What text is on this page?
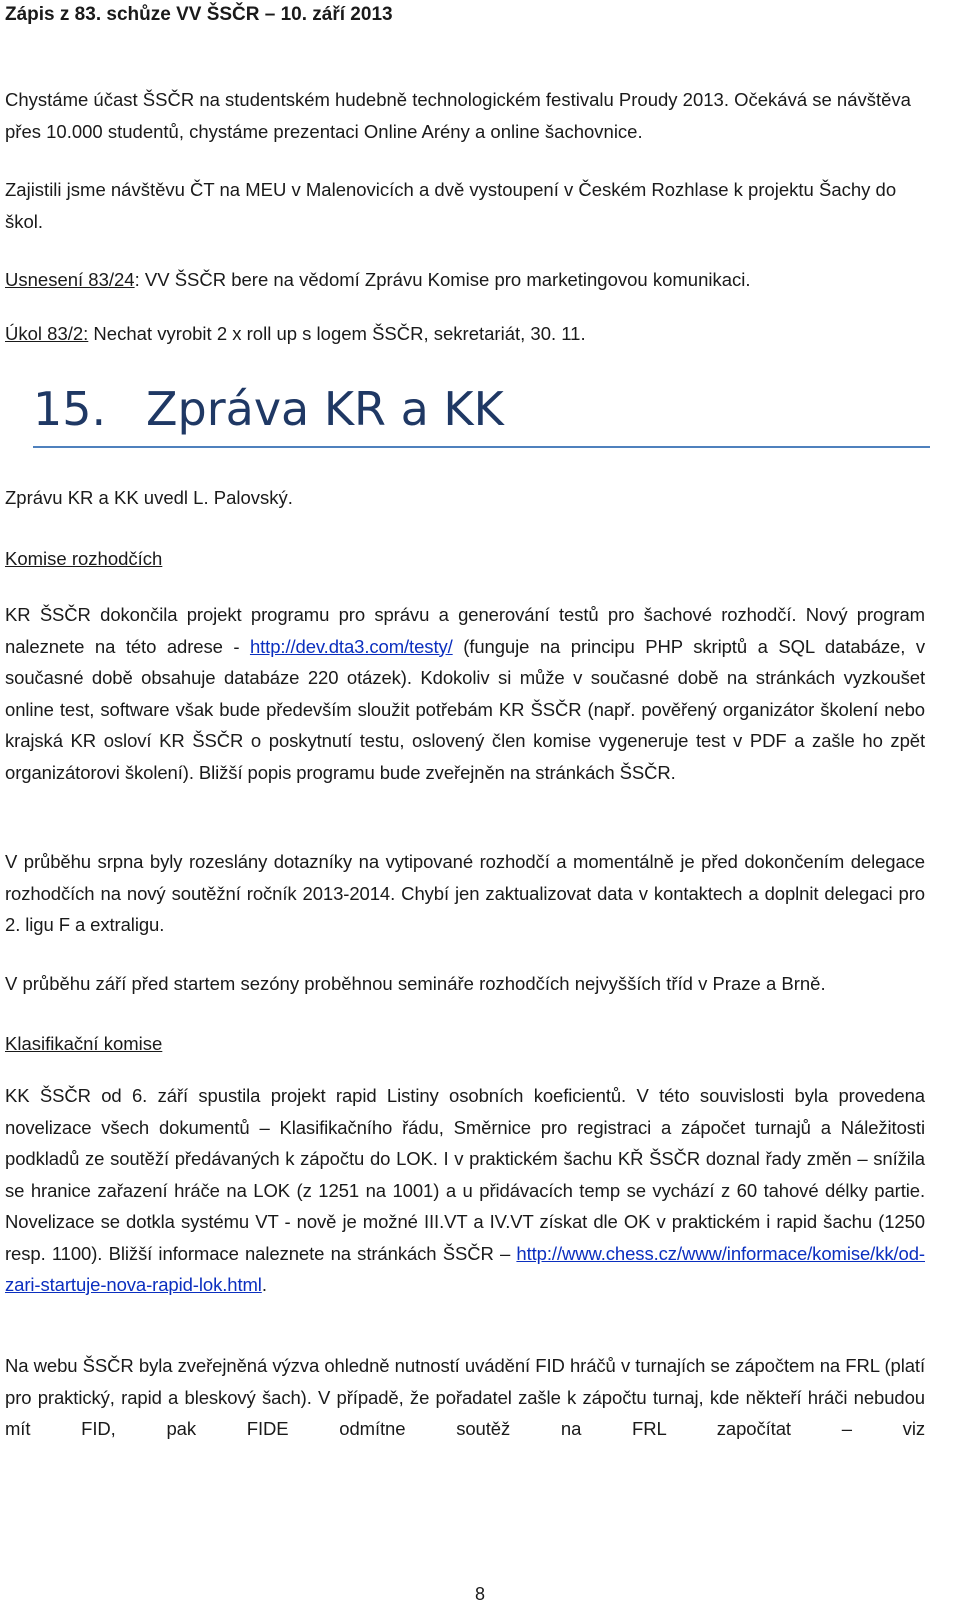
Zápis z 83. schůze VV ŠSČR – 10. září 2013

Chystáme účast ŠSČR na studentském hudebně technologickém festivalu Proudy 2013. Očekává se návštěva přes 10.000 studentů, chystáme prezentaci Online Arény a online šachovnice.

Zajistili jsme návštěvu ČT na MEU v Malenovicích a dvě vystoupení v Českém Rozhlase k projektu Šachy do škol.

Usnesení 83/24: VV ŠSČR bere na vědomí Zprávu Komise pro marketingovou komunikaci.

Úkol 83/2: Nechat vyrobit 2 x roll up s logem ŠSČR, sekretariát, 30. 11.

15. Zpráva KR a KK

Zprávu KR a KK uvedl L. Palovský.

Komise rozhodčích

KR ŠSČR dokončila projekt programu pro správu a generování testů pro šachové rozhodčí. Nový program naleznete na této adrese - http://dev.dta3.com/testy/ (funguje na principu PHP skriptů a SQL databáze, v současné době obsahuje databáze 220 otázek). Kdokoliv si může v současné době na stránkách vyzkoušet online test, software však bude především sloužit potřebám KR ŠSČR (např. pověřený organizátor školení nebo krajská KR osloví KR ŠSČR o poskytnutí testu, oslovený člen komise vygeneruje test v PDF a zašle ho zpět organizátorovi školení). Bližší popis programu bude zveřejněn na stránkách ŠSČR.

V průběhu srpna byly rozeslány dotazníky na vytipované rozhodčí a momentálně je před dokončením delegace rozhodčích na nový soutěžní ročník 2013-2014. Chybí jen zaktualizovat data v kontaktech a doplnit delegaci pro 2. ligu F a extraligu.

V průběhu září před startem sezóny proběhnou semináře rozhodčích nejvyšších tříd v Praze a Brně.

Klasifikační komise

KK ŠSČR od 6. září spustila projekt rapid Listiny osobních koeficientů. V této souvislosti byla provedena novelizace všech dokumentů – Klasifikačního řádu, Směrnice pro registraci a zápočet turnajů a Náležitosti podkladů ze soutěží předávaných k zápočtu do LOK. I v praktickém šachu KŘ ŠSČR doznal řady změn – snížila se hranice zařazení hráče na LOK (z 1251 na 1001) a u přidávacích temp se vychází z 60 tahové délky partie. Novelizace se dotkla systému VT - nově je možné III.VT a IV.VT získat dle OK v praktickém i rapid šachu (1250 resp. 1100). Bližší informace naleznete na stránkách ŠSČR – http://www.chess.cz/www/informace/komise/kk/od-zari-startuje-nova-rapid-lok.html.

Na webu ŠSČR byla zveřejněná výzva ohledně nutností uvádění FID hráčů v turnajích se zápočtem na FRL (platí pro praktický, rapid a bleskový šach). V případě, že pořadatel zašle k zápočtu turnaj, kde někteří hráči nebudou mít FID, pak FIDE odmítne soutěž na FRL započítat – viz

8
